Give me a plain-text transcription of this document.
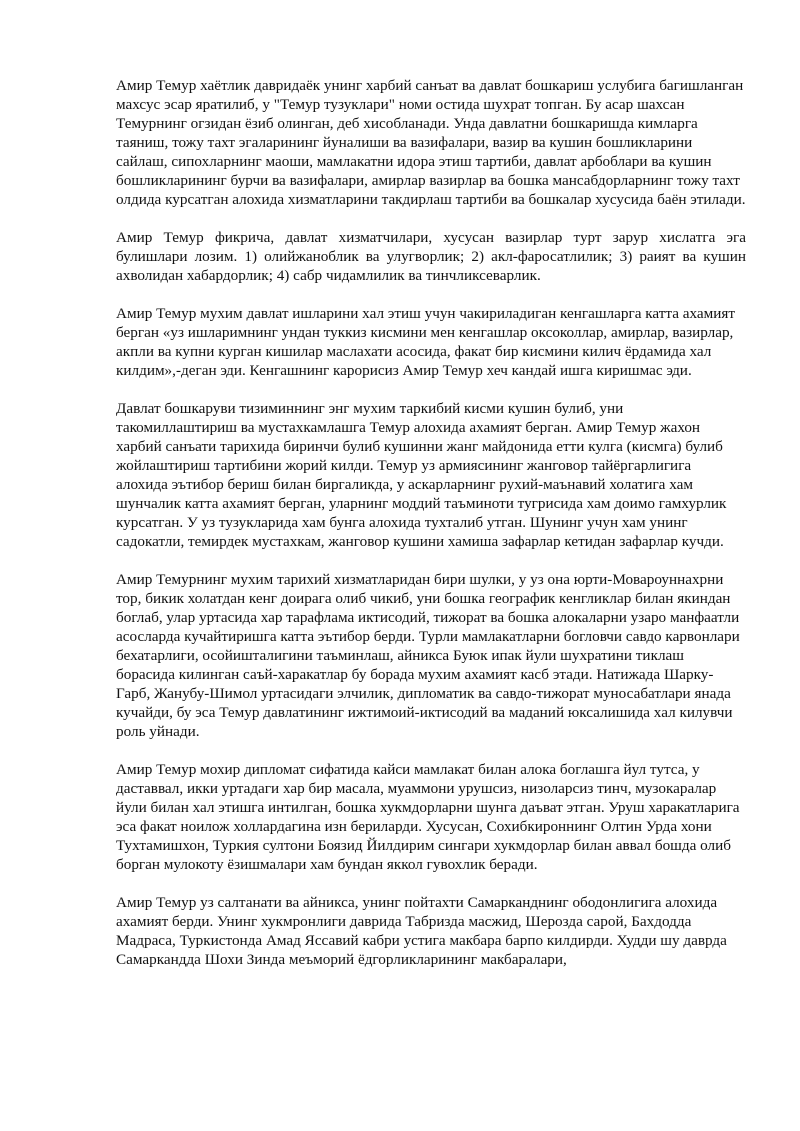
Амир Темур хаётлик давридаёк унинг харбий санъат ва давлат бошкариш услубига багишланган махсус эсар яратилиб, у "Темур тузуклари" номи остида шухрат топган. Бу асар шахсан Темурнинг огзидан ёзиб олинган, деб хисобланади. Унда давлатни бошкаришда кимларга таяниш, тожу тахт эгаларининг йуналиши ва вазифалари, вазир ва кушин бошликларини сайлаш, сипохларнинг маоши, мамлакатни идора этиш тартиби, давлат арбоблари ва кушин бошликларининг бурчи ва вазифалари, амирлар вазирлар ва бошка мансабдорларнинг тожу тахт олдида курсатган алохида хизматларини такдирлаш тартиби ва бошкалар хусусида баён этилади.

Амир Темур фикрича, давлат хизматчилари, хусусан вазирлар турт зарур хислатга эга булишлари лозим. 1) олийжаноблик ва улугворлик; 2) акл-фаросатлилик; 3) раият ва кушин ахволидан хабардорлик; 4) сабр чидамлилик ва тинчликсеварлик.

Амир Темур мухим давлат ишларини хал этиш учун чакириладиган кенгашларга катта ахамият берган «уз ишларимнинг ундан туккиз кисмини мен кенгашлар оксоколлар, амирлар, вазирлар, акпли ва купни курган кишилар маслахати асосида, факат бир кисмини килич ёрдамида хал килдим»,-деган эди. Кенгашнинг карорисиз Амир Темур хеч кандай ишга киришмас эди.

Давлат бошкаруви тизиминнинг энг мухим таркибий кисми кушин булиб, уни такомиллаштириш ва мустахкамлашга Темур алохида ахамият берган. Амир Темур жахон харбий санъати тарихида биринчи булиб кушинни жанг майдонида етти кулга (кисмга) булиб жойлаштириш тартибини жорий килди. Темур уз армиясининг жанговор тайёргарлигига алохида эътибор бериш билан биргаликда, у аскарларнинг рухий-маънавий холатига хам шунчалик катта ахамият берган, уларнинг моддий таъминоти тугрисида хам доимо гамхурлик курсатган. У уз тузукларида хам бунга алохида тухталиб утган. Шунинг учун хам унинг садокатли, темирдек мустахкам, жанговор кушини хамиша зафарлар кетидан зафарлар кучди.

Амир Темурнинг мухим тарихий хизматларидан бири шулки, у уз она юрти-Мовароуннахрни тор, бикик холатдан кенг доирага олиб чикиб, уни бошка географик кенгликлар билан якиндан боглаб, улар уртасида хар тарафлама иктисодий, тижорат ва бошка алокаларни узаро манфаатли асосларда кучайтиришга катта эътибор берди. Турли мамлакатларни богловчи савдо карвонлари бехатарлиги, осойишталигини таъминлаш, айникса Буюк ипак йули шухратини тиклаш борасида килинган саъй-харакатлар бу борада мухим ахамият касб этади. Натижада Шарку-Гарб, Жанубу-Шимол уртасидаги элчилик, дипломатик ва савдо-тижорат муносабатлари янада кучайди, бу эса Темур давлатининг ижтимоий-иктисодий ва маданий юксалишида хал килувчи роль уйнади.

Амир Темур мохир дипломат сифатида кайси мамлакат билан алока боглашга йул тутса, у даставвал, икки уртадаги хар бир масала, муаммони урушсиз, низоларсиз тинч, музокаралар йули билан хал этишга интилган, бошка хукмдорларни шунга даъват этган. Уруш харакатларига эса факат ноилож холлардагина изн бериларди. Хусусан, Сохибкироннинг Олтин Урда хони Тухтамишхон, Туркия султони Боязид Йилдирим сингари хукмдорлар билан аввал бошда олиб борган мулокоту ёзишмалари хам бундан яккол гувохлик беради.

Амир Темур уз салтанати ва айникса, унинг пойтахти Самарканднинг ободонлигига алохида ахамият берди. Унинг хукмронлиги даврида Табризда масжид, Шерозда сарой, Бахдодда Мадраса, Туркистонда Амад Яссавий кабри устига макбара барпо килдирди. Худди шу даврда Самаркандда Шохи Зинда меъморий ёдгорликларининг макбаралари,
